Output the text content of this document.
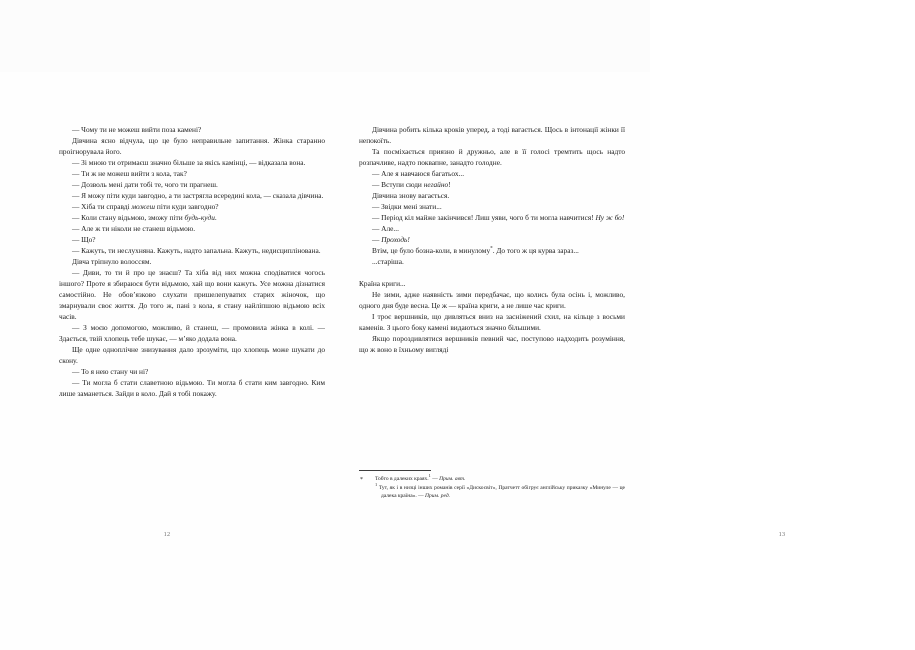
— Чому ти не можеш вийти поза камені?

Дівчина ясно відчула, що це було неправильне запитання. Жінка старанно проігнорувала його.

— Зі мною ти отримаєш значно більше за якісь камінці, — відказала вона.

— Ти ж не можеш вийти з кола, так?

— Дозволь мені дати тобі те, чого ти прагнеш.

— Я можу піти куди завгодно, а ти застрягла всередині кола, — сказала дівчина.

— Хіба ти справді можеш піти куди завгодно?

— Коли стану відьмою, зможу піти будь-куди.

— Але ж ти ніколи не станеш відьмою.

— Що?

— Кажуть, ти неслухняна. Кажуть, надто запальна. Кажуть, недисциплінована.

Дівча тріпнуло волоссям.

— Диви, то ти й про це знаєш? Та хіба від них можна сподіватися чогось іншого? Проте я збираюся бути відьмою, хай що вони кажуть. Усе можна дізнатися самостійно. Не обов’язково слухати пришелепуватих старих жіночок, що змарнували своє життя. До того ж, пані з кола, я стану найліпшою відьмою всіх часів.

— З моєю допомогою, можливо, й станеш, — промовила жінка в колі. — Здається, твій хлопець тебе шукає, — м’яко додала вона.

Ще одне одноплічне знизування дало зрозуміти, що хлопець може шукати до скону.

— То я нею стану чи ні?

— Ти могла б стати славетною відьмою. Ти могла б стати ким завгодно. Ким лише заманеться. Зайди в коло. Дай я тобі покажу.

12

Дівчина робить кілька кроків уперед, а тоді вагається. Щось в інтонації жінки її непокоїть.

Та посміхається приязно й дружньо, але в її голосі тремтить щось надто розпачливе, надто поквапне, занадто голодне.

— Але я навчаюся багатьох...

— Вступи сюди негайно!

Дівчина знову вагається.

— Звідки мені знати...

— Період кіл майже закінчився! Лиш уяви, чого б ти могла навчитися! Ну ж бо!

— Але...

— Проходь!

Втім, це було бозна-коли, в минулому*. До того ж ця курва зараз...

...старіша.

Країна криги...

Не зими, адже наявність зими передбачає, що колись була осінь і, можливо, одного дня буде весна. Це ж — країна криги, а не лише час криги.

І троє вершників, що дивляться вниз на засніжений схил, на кільце з восьми каменів. З цього боку камені видаються значно більшими.

Якщо пороздивлятися вершників певний час, поступово надходить розуміння, що ж воно в їхньому вигляді

13
* Тобто в далеких краях.$^1$ — Прим. авт.
$^1$ Тут, як і в низці інших романів серії «Дискосвіт», Пратчетт обігрує англійську приказку «Минуле — це далека країна». — Прим. ред.
